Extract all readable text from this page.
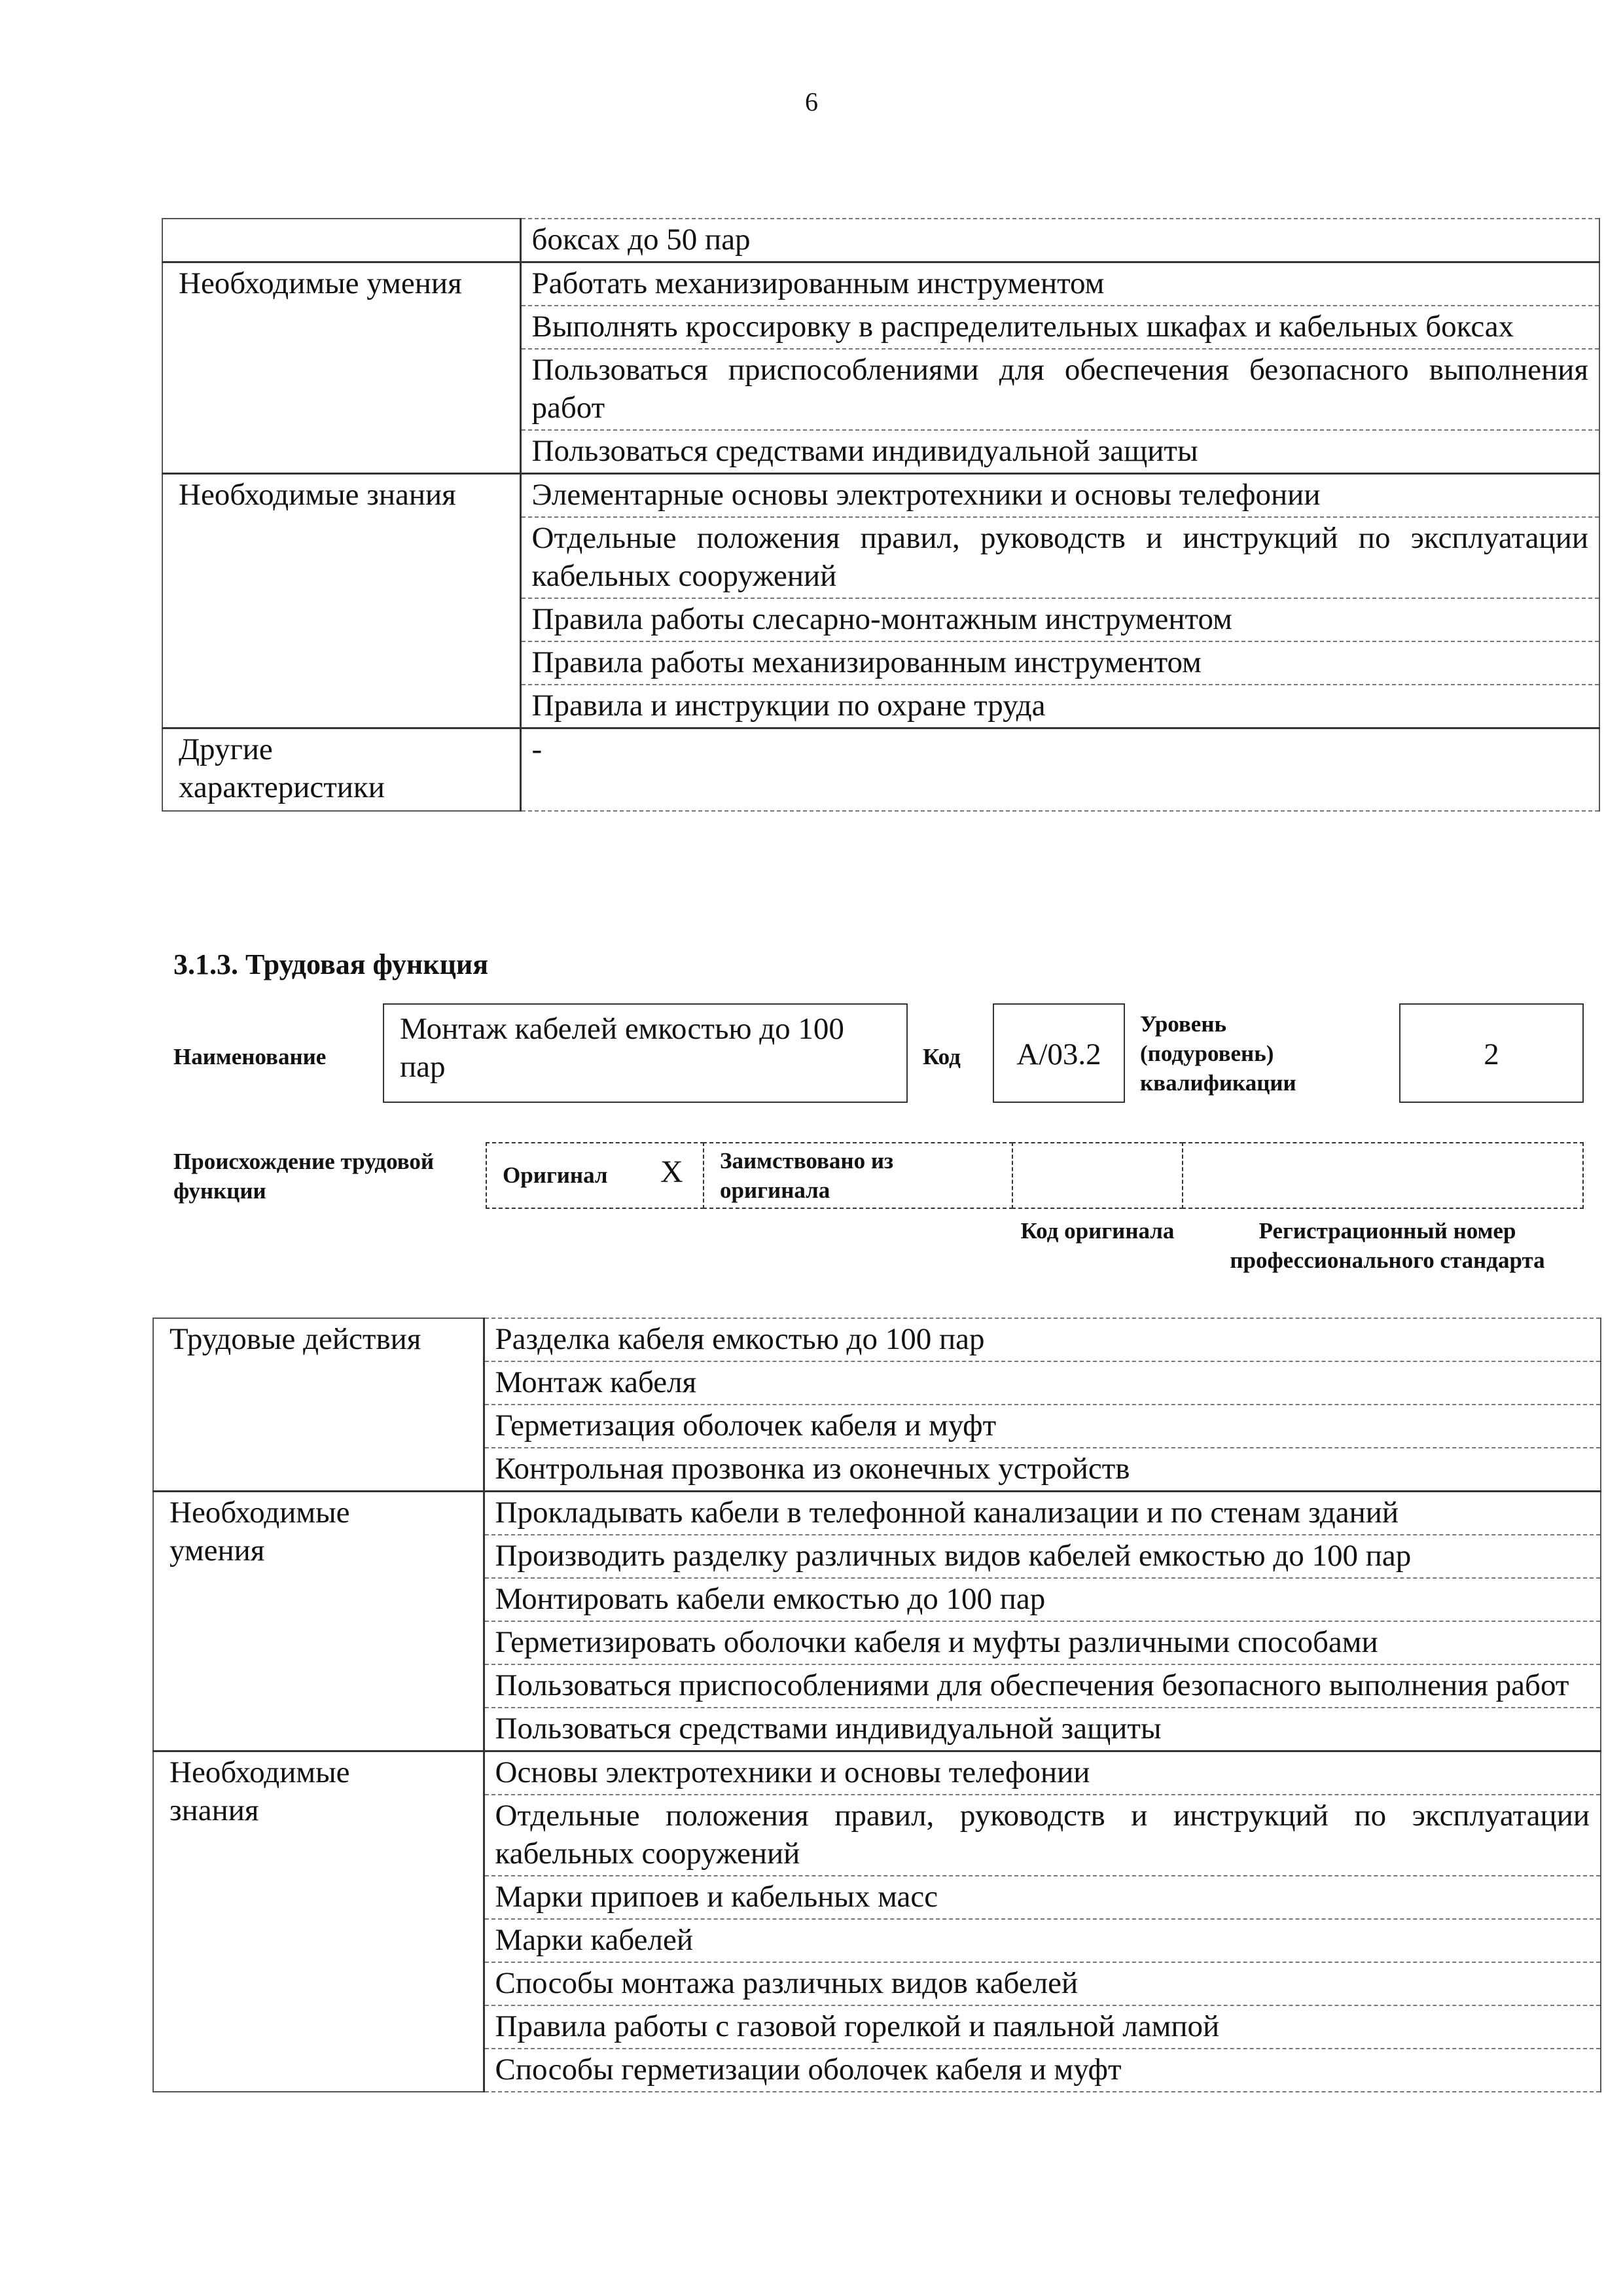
6
	боксах до 50 пар
Необходимые умения	Работать механизированным инструментом
	Выполнять кроссировку в распределительных шкафах и кабельных боксах
	Пользоваться приспособлениями для обеспечения безопасного выполнения работ
	Пользоваться средствами индивидуальной защиты
Необходимые знания	Элементарные основы электротехники и основы телефонии
	Отдельные положения правил, руководств и инструкций по эксплуатации кабельных сооружений
	Правила работы слесарно-монтажным инструментом
	Правила работы механизированным инструментом
	Правила и инструкции по охране труда

Другие
характеристики	-
3.1.3. Трудовая функция
Наименование
Монтаж кабелей емкостью до 100 пар	Код	А/03.2
Уровень (подуровень) квалификации
2
Происхождение трудовой функции
Оригинал X Заимствовано из оригинала
Код оригинала	Регистрационный номер профессионального стандарта
Трудовые действия	Разделка кабеля емкостью до 100 пар
	Монтаж кабеля
	Герметизация оболочек кабеля и муфт
	Контрольная прозвонка из оконечных устройств

Необходимые
умения	Прокладывать кабели в телефонной канализации и по стенам зданий
	Производить разделку различных видов кабелей емкостью до 100 пар
	Монтировать кабели емкостью до 100 пар
	Герметизировать оболочки кабеля и муфты различными способами
	Пользоваться приспособлениями для обеспечения безопасного выполнения работ
	Пользоваться средствами индивидуальной защиты

Необходимые
знания	Основы электротехники и основы телефонии
	Отдельные положения правил, руководств и инструкций по эксплуатации кабельных сооружений
	Марки припоев и кабельных масс
	Марки кабелей
	Способы монтажа различных видов кабелей
	Правила работы с газовой горелкой и паяльной лампой
	Способы герметизации оболочек кабеля и муфт
